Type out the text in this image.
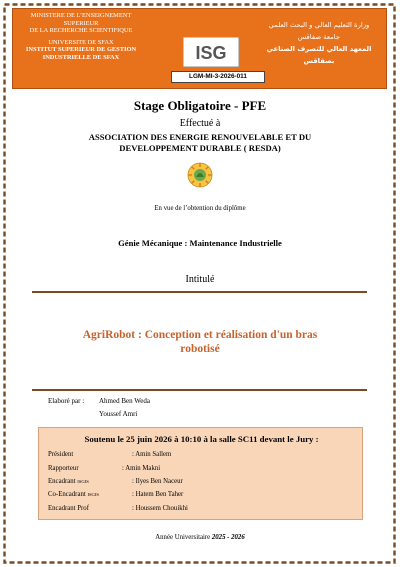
MINISTERE DE L’ENSEIGNEMENT SUPERIEUR
DE LA RECHERCHE SCIENTIFIQUE
UNIVERSITE DE SFAX
INSTITUT SUPERIEUR DE GESTION
INDUSTRIELLE DE SFAX	ISG
LGM-MI-3-2026-011
وزارة التعليم العالي و البحث العلمي
جامعة صفاقس
المعهد العالي للتصرف الصناعي بصفاقس
Stage Obligatoire - PFE
Effectué à
ASSOCIATION DES ENERGIE RENOUVELABLE ET DU
DEVELOPPEMENT DURABLE ( RESDA)
En vue de l’obtention du diplôme
Génie Mécanique : Maintenance Industrielle
Intitulé
AgriRobot : Conception et réalisation d'un bras
robotisé
Elaboré par : Ahmed Ben Weda
Youssef Amri
Soutenu le 25 juin 2026 à 10:10 à la salle SC11 devant le Jury :
Président	: Amin Sallem
Rapporteur	: Amin Makni
Encadrant ISGIS	: Ilyes Ben Naceur
Co-Encadrant ISGIS	: Hatem Ben Taher
Encadrant Prof	: Houssem Chouikhi
Année Universitaire 2025 - 2026
